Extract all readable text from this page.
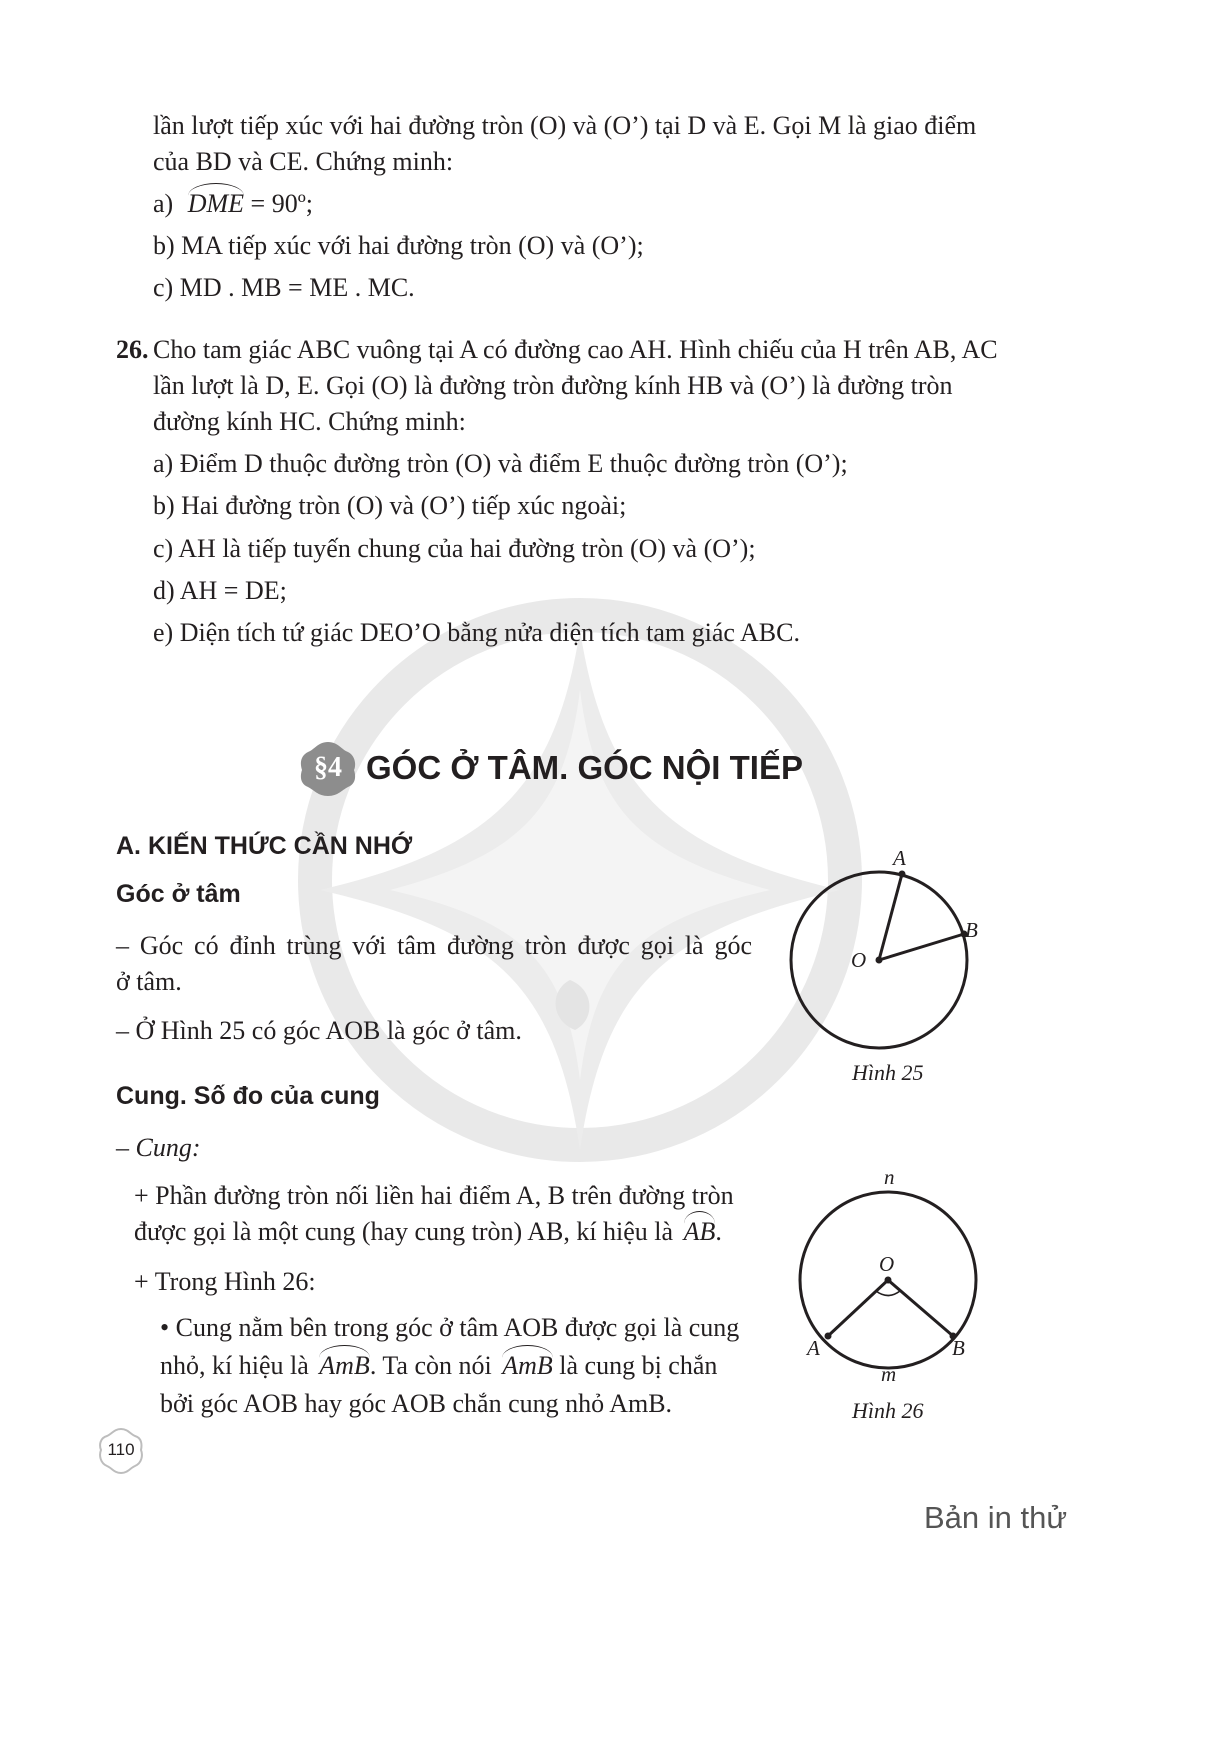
lần lượt tiếp xúc với hai đường tròn (O) và (O’) tại D và E. Gọi M là giao điểm
của BD và CE. Chứng minh:
a) DME = 90º;
b) MA tiếp xúc với hai đường tròn (O) và (O’);
c) MD . MB = ME . MC.
26. Cho tam giác ABC vuông tại A có đường cao AH. Hình chiếu của H trên AB, AC
lần lượt là D, E. Gọi (O) là đường tròn đường kính HB và (O’) là đường tròn
đường kính HC. Chứng minh:
a) Điểm D thuộc đường tròn (O) và điểm E thuộc đường tròn (O’);
b) Hai đường tròn (O) và (O’) tiếp xúc ngoài;
c) AH là tiếp tuyến chung của hai đường tròn (O) và (O’);
d) AH = DE;
e) Diện tích tứ giác DEO’O bằng nửa diện tích tam giác ABC.
§4 GÓC Ở TÂM. GÓC NỘI TIẾP
A. KIẾN THỨC CẦN NHỚ
Góc ở tâm
– Góc có đỉnh trùng với tâm đường tròn được gọi là góc
ở tâm.
– Ở Hình 25 có góc AOB là góc ở tâm.
Cung. Số đo của cung
– Cung:
+ Phần đường tròn nối liền hai điểm A, B trên đường tròn
được gọi là một cung (hay cung tròn) AB, kí hiệu là AB.
+ Trong Hình 26:
• Cung nằm bên trong góc ở tâm AOB được gọi là cung
nhỏ, kí hiệu là AmB. Ta còn nói AmB là cung bị chắn
bởi góc AOB hay góc AOB chắn cung nhỏ AmB.
A
B
O
Hình 25
n
O
A	B
m
Hình 26
110
Bản in thử
